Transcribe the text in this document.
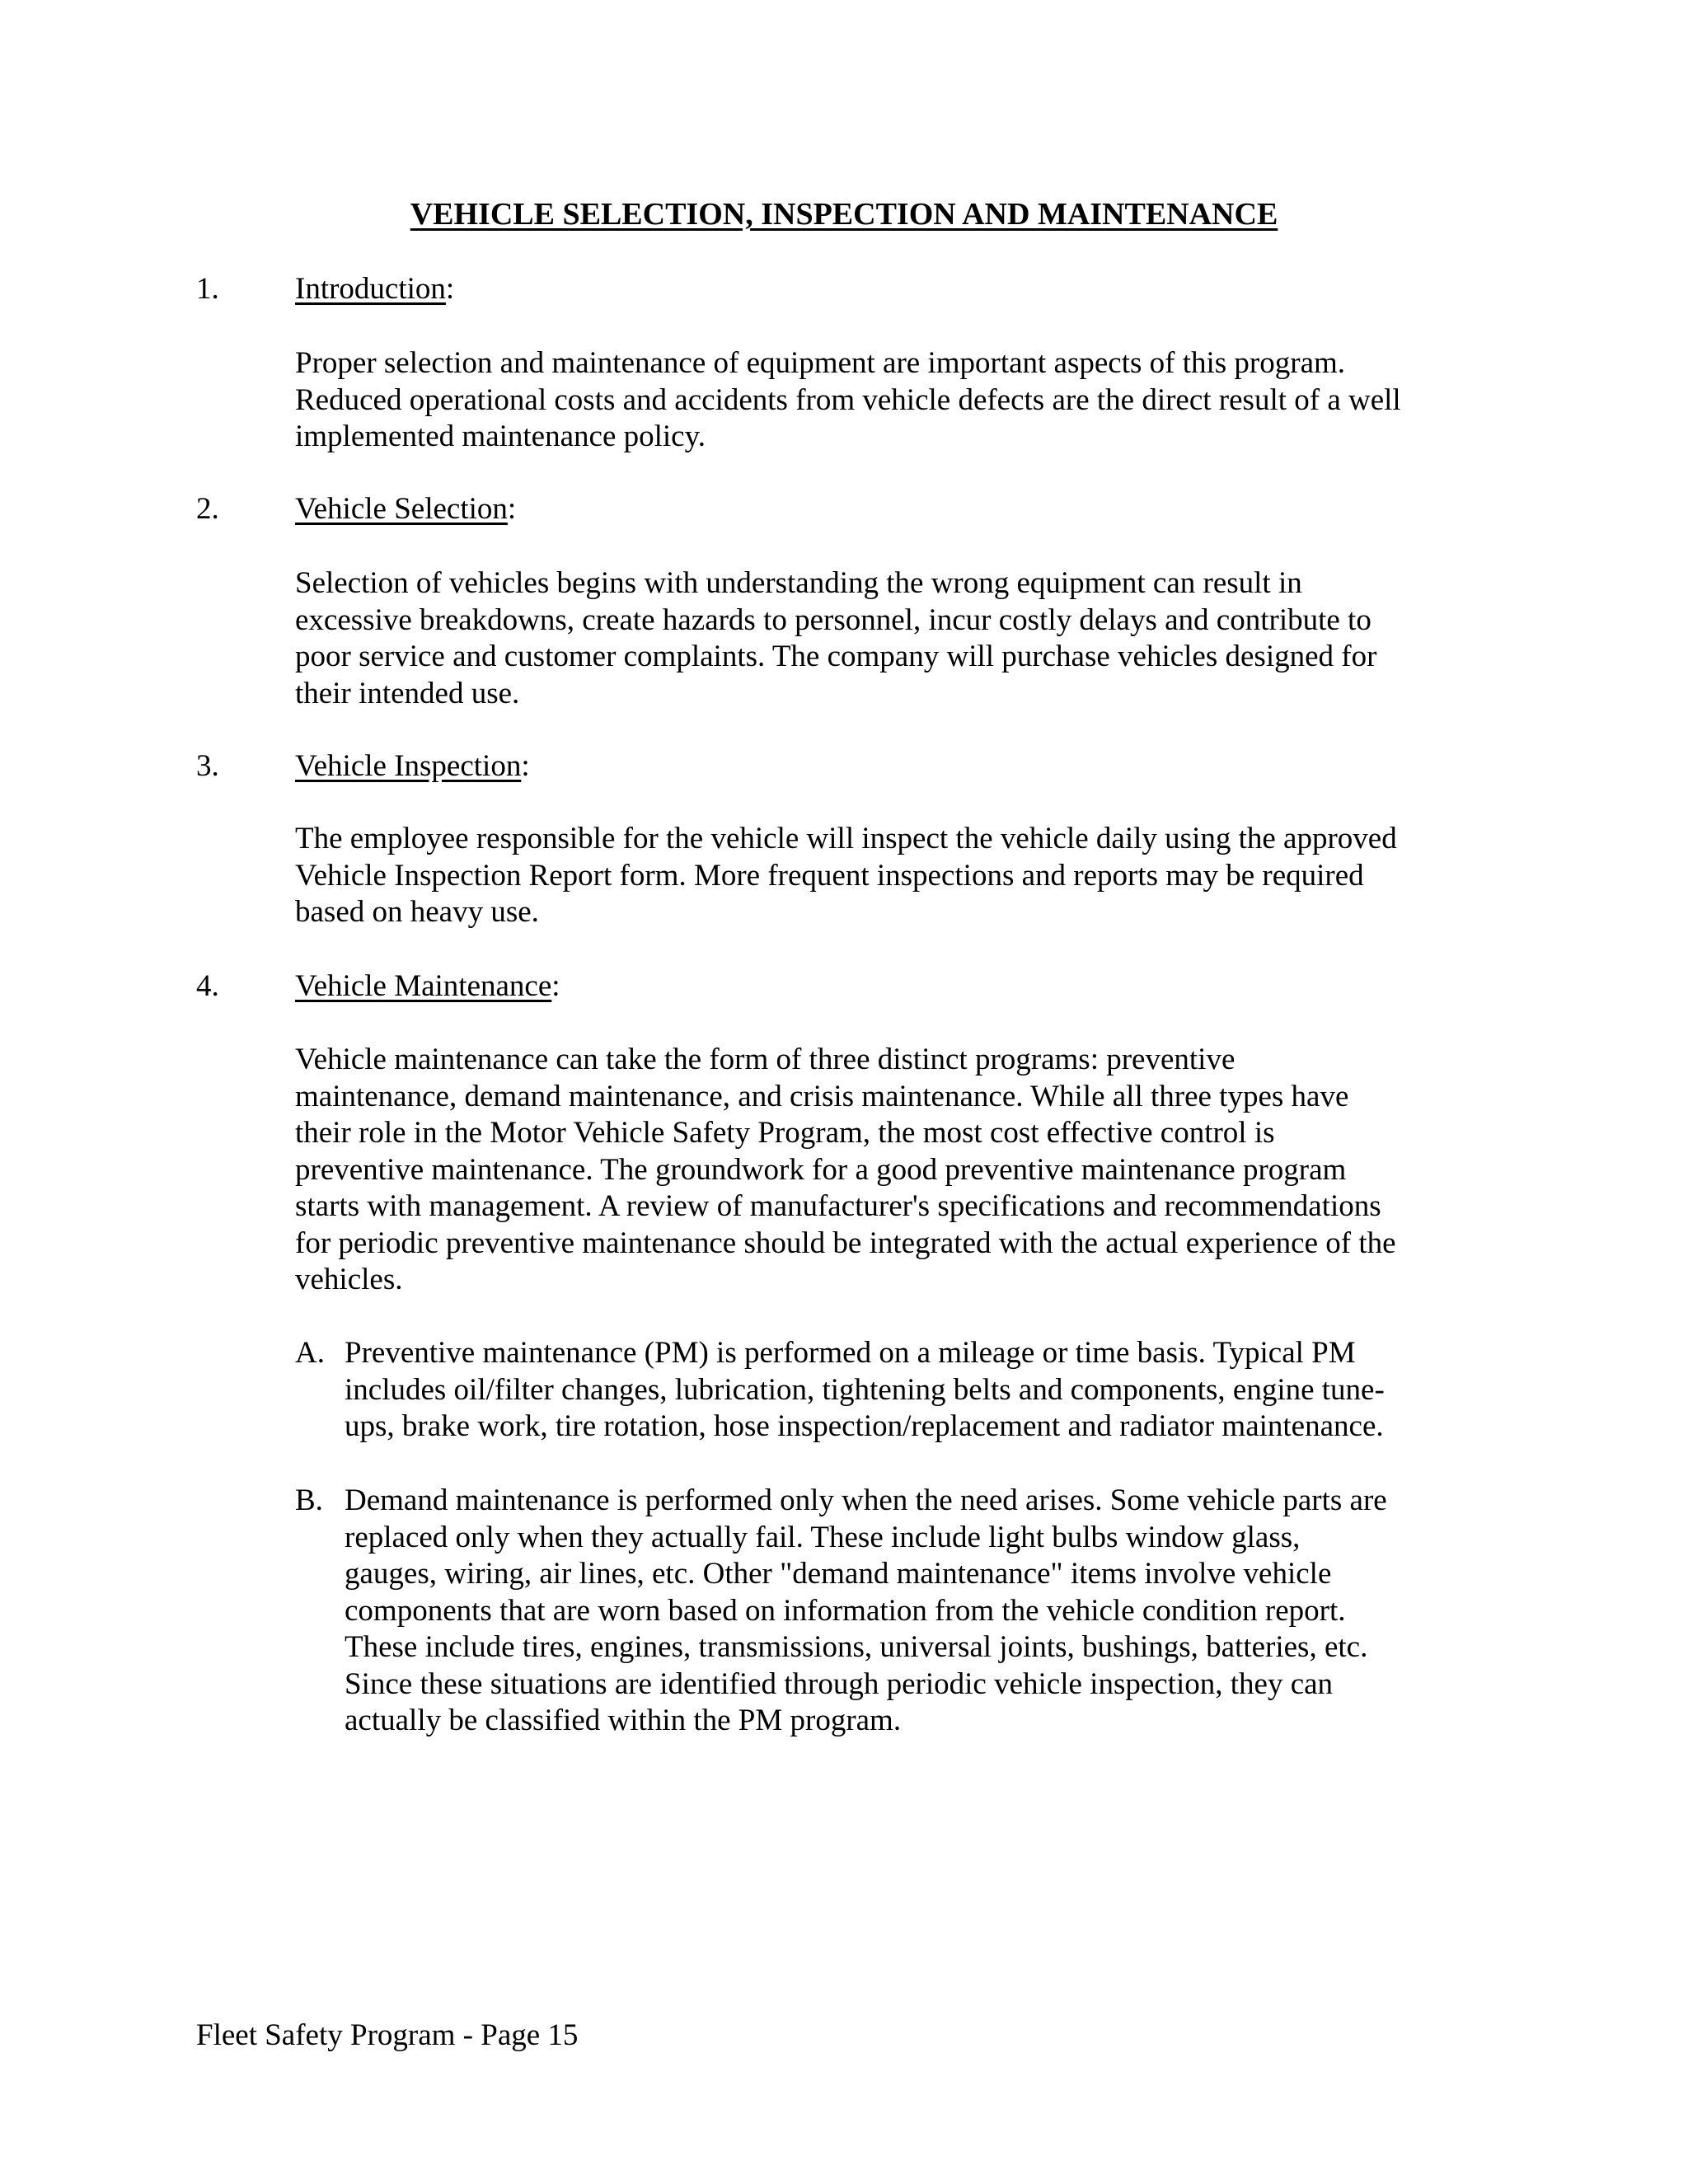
VEHICLE SELECTION, INSPECTION AND MAINTENANCE
1. Introduction:
Proper selection and maintenance of equipment are important aspects of this program.
Reduced operational costs and accidents from vehicle defects are the direct result of a well
implemented maintenance policy.
2. Vehicle Selection:
Selection of vehicles begins with understanding the wrong equipment can result in
excessive breakdowns, create hazards to personnel, incur costly delays and contribute to
poor service and customer complaints. The company will purchase vehicles designed for
their intended use.
3. Vehicle Inspection:
The employee responsible for the vehicle will inspect the vehicle daily using the approved
Vehicle Inspection Report form. More frequent inspections and reports may be required
based on heavy use.
4. Vehicle Maintenance:
Vehicle maintenance can take the form of three distinct programs: preventive
maintenance, demand maintenance, and crisis maintenance. While all three types have
their role in the Motor Vehicle Safety Program, the most cost effective control is
preventive maintenance. The groundwork for a good preventive maintenance program
starts with management. A review of manufacturer's specifications and recommendations
for periodic preventive maintenance should be integrated with the actual experience of the
vehicles.
A. Preventive maintenance (PM) is performed on a mileage or time basis. Typical PM
includes oil/filter changes, lubrication, tightening belts and components, engine tune-
ups, brake work, tire rotation, hose inspection/replacement and radiator maintenance.
B. Demand maintenance is performed only when the need arises. Some vehicle parts are
replaced only when they actually fail. These include light bulbs window glass,
gauges, wiring, air lines, etc. Other "demand maintenance" items involve vehicle
components that are worn based on information from the vehicle condition report.
These include tires, engines, transmissions, universal joints, bushings, batteries, etc.
Since these situations are identified through periodic vehicle inspection, they can
actually be classified within the PM program.
Fleet Safety Program - Page 15
